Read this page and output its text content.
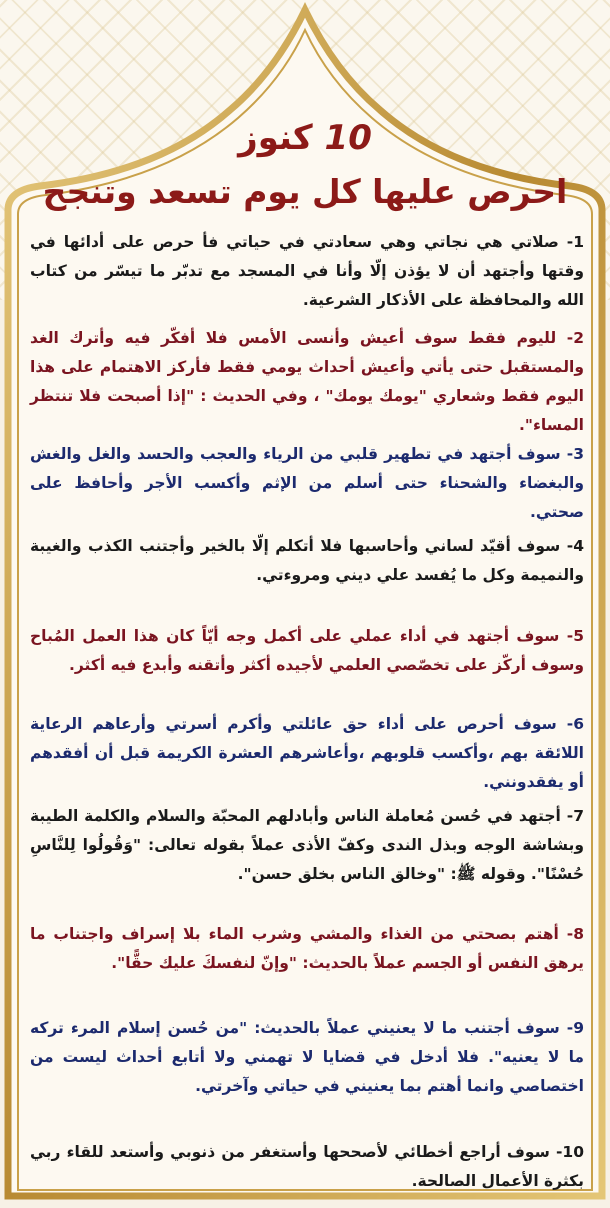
10 كنوز
احرص عليها كل يوم تسعد وتنجح

1- صلاتي هي نجاتي وهي سعادتي في حياتي فأ حرص على أدائها في وقتها وأجتهد أن لا يؤذن إلّا وأنا في المسجد مع تدبّر ما تيسّر من كتاب الله والمحافظة على الأذكار الشرعية.

2- لليوم فقط سوف أعيش وأنسى الأمس فلا أفكّر فيه وأترك الغد والمستقبل حتى يأتي وأعيش أحداث يومي فقط فأركز الاهتمام على هذا اليوم فقط وشعاري "يومك يومك" ، وفي الحديث : "إذا أصبحت فلا تنتظر المساء".

3- سوف أجتهد في تطهير قلبي من الرياء والعجب والحسد والغل والغش والبغضاء والشحناء حتى أسلم من الإثم وأكسب الأجر وأحافظ على صحتي.

4- سوف أقيّد لساني وأحاسبها فلا أتكلم إلّا بالخير وأجتنب الكذب والغيبة والنميمة وكل ما يُفسد علي ديني ومروءتي.

5- سوف أجتهد في أداء عملي على أكمل وجه أيّاً كان هذا العمل المُباح وسوف أركّز على تخصّصي العلمي لأجيده أكثر وأتقنه وأبدع فيه أكثر.

6- سوف أحرص على أداء حق عائلتي وأكرم أسرتي وأرعاهم الرعاية اللائقة بهم ،وأكسب قلوبهم ،وأعاشرهم العشرة الكريمة قبل أن أفقدهم أو يفقدونني.

7- أجتهد في حُسن مُعاملة الناس وأبادلهم المحبّة والسلام والكلمة الطيبة وبشاشة الوجه وبذل الندى وكفّ الأذى عملاً بقوله تعالى: "وَقُولُوا لِلنَّاسِ حُسْنًا". وقوله ﷺ: "وخالق الناس بخلق حسن".

8- أهتم بصحتي من الغذاء والمشي وشرب الماء بلا إسراف واجتناب ما يرهق النفس أو الجسم عملاً بالحديث: "وإنّ لنفسكَ عليك حقًّا".

9- سوف أجتنب ما لا يعنيني عملاً بالحديث: "من حُسن إسلام المرء تركه ما لا يعنيه". فلا أدخل في قضايا لا تهمني ولا أتابع أحداث ليست من اختصاصي وانما أهتم بما يعنيني في حياتي وآخرتي.

10- سوف أراجع أخطائي لأصححها وأستغفر من ذنوبي وأستعد للقاء ربي بكثرة الأعمال الصالحة.
